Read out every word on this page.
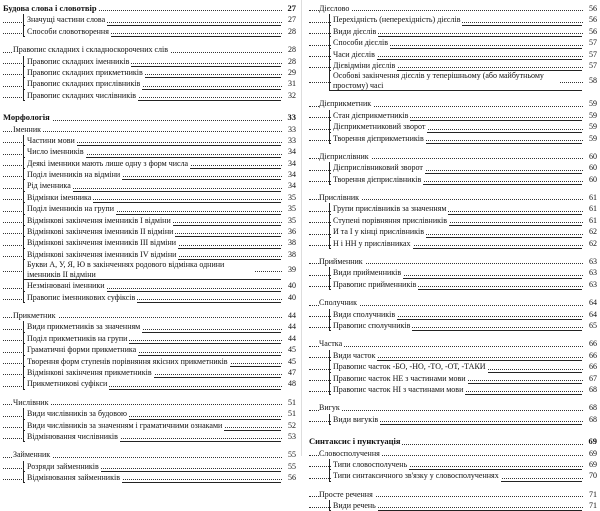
Будова слова і словотвір	27
Значущі частини слова	27
Способи словотворення	28
Правопис складних і складноскорочених слів	28
Правопис складних іменників	28
Правопис складних прикметників	29
Правопис складних прислівників	31
Правопис складних числівників	32
Морфологія	33
Іменник	33
Частини мови	33
Число іменників	34
Деякі іменники мають лише одну з форм числа	34
Поділ іменників на відміни	34
Рід іменника	34
Відмінки іменника	35
Поділ іменників на групи	35
Відмінкові закінчення іменників І відміни	35
Відмінкові закінчення іменників ІІ відміни	36
Відмінкові закінчення іменників ІІІ відміни	38
Відмінкові закінчення іменників IV відміни	38
Букви А, У, Я, Ю в закінченнях родового відмінка однини іменників ІІ відміни	39
Незмінювані іменники	40
Правопис іменникових суфіксів	40
Прикметник	44
Види прикметників за значенням	44
Поділ прикметників на групи	44
Граматичні форми прикметника	45
Творення форм ступенів порівняння якісних прикметників	45
Відмінкові закінчення прикметників	47
Прикметникові суфікси	48
Числівник	51
Види числівників за будовою	51
Види числівників за значенням і граматичними ознаками	52
Відмінювання числівників	53
Займенник	55
Розряди займенників	55
Відмінювання займенників	56
Дієслово	56
Перехідність (неперехідність) дієслів	56
Види дієслів	56
Способи дієслів	57
Часи дієслів	57
Дієвідміни дієслів	57
Особові закінчення дієслів у теперішньому (або майбутньому простому) часі	58
Дієприкметник	59
Стан дієприкметників	59
Дієприкметниковий зворот	59
Творення дієприкметників	59
Дієприслівник	60
Дієприслівниковий зворот	60
Творення дієприслівників	60
Прислівник	61
Групи прислівників за значенням	61
Ступені порівняння прислівників	61
И та І у кінці прислівників	62
Н і НН у прислівниках	62
Прийменник	63
Види прийменників	63
Правопис прийменників	63
Сполучник	64
Види сполучників	64
Правопис сполучників	65
Частка	66
Види часток	66
Правопис часток -БО, -НО, -ТО, -ОТ, -ТАКИ	66
Правопис часток НЕ з частинами мови	67
Правопис часток НІ з частинами мови	68
Вигук	68
Види вигуків	68
Синтаксис і пунктуація	69
Словосполучення	69
Типи словосполучень	69
Типи синтаксичного зв'язку у словосполученнях	70
Просте речення	71
Види речень	71
